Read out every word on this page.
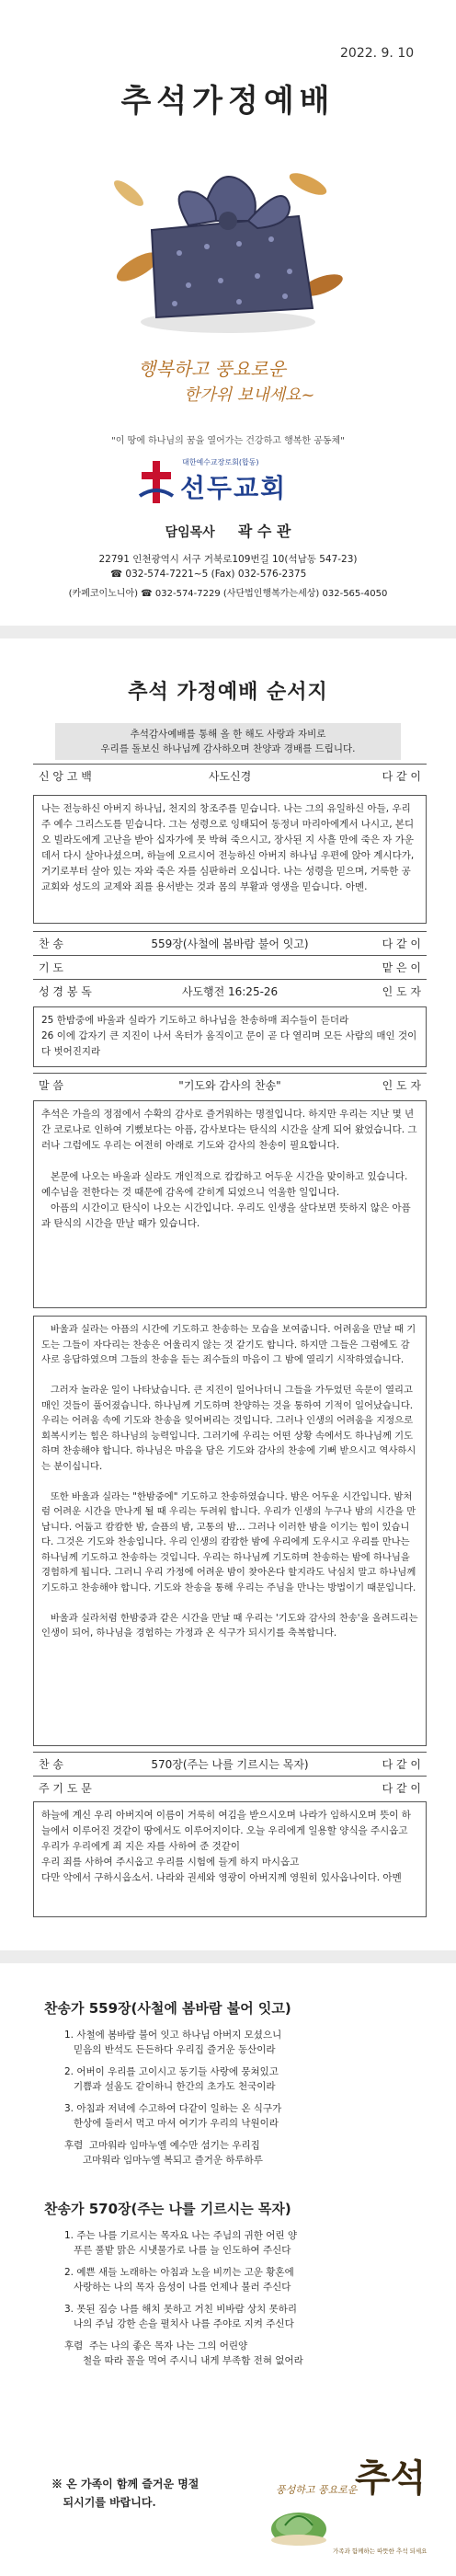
2022. 9. 10
추석가정예배
행복하고 풍요로운
한가위 보내세요~
"이 땅에 하나님의 꿈을 열어가는 건강하고 행복한 공동체"
대한예수교장로회(합동)
선두교회
담임목사 곽 수 관
22791 인천광역시 서구 거북로109번길 10(석남동 547-23)
☎ 032-574-7221~5 (Fax) 032-576-2375
(카페코이노니아) ☎ 032-574-7229 (사단법인행복가는세상) 032-565-4050
추석 가정예배 순서지
추석감사예배를 통해 올 한 해도 사랑과 자비로
우리를 돌보신 하나님께 감사하오며 찬양과 경배를 드립니다.
신 앙 고 백	사도신경	다 같 이
나는 전능하신 아버지 하나님, 천지의 창조주를 믿습니다. 나는 그의 유일하신 아들, 우리 주 예수 그리스도를 믿습니다. 그는 성령으로 잉태되어 동정녀 마리아에게서 나시고, 본디오 빌라도에게 고난을 받아 십자가에 못 박혀 죽으시고, 장사된 지 사흘 만에 죽은 자 가운데서 다시 살아나셨으며, 하늘에 오르시어 전능하신 아버지 하나님 우편에 앉아 계시다가, 거기로부터 살아 있는 자와 죽은 자를 심판하러 오십니다. 나는 성령을 믿으며, 거룩한 공교회와 성도의 교제와 죄를 용서받는 것과 몸의 부활과 영생을 믿습니다. 아멘.
찬 송	559장(사철에 봄바람 불어 잇고)	다 같 이
기 도	맡 은 이
성 경 봉 독	사도행전 16:25-26	인 도 자
25 한밤중에 바울과 실라가 기도하고 하나님을 찬송하매 죄수들이 듣더라
26 이에 갑자기 큰 지진이 나서 옥터가 움직이고 문이 곧 다 열리며 모든 사람의 매인 것이 다 벗어진지라
말 씀	"기도와 감사의 찬송"	인 도 자
추석은 가을의 정점에서 수확의 감사로 즐거워하는 명절입니다. 하지만 우리는 지난 몇 년 간 코로나로 인하여 기뻤보다는 아픔, 감사보다는 탄식의 시간을 살게 되어 왔었습니다. 그러나 그럼에도 우리는 여전히 아래로 기도와 감사의 찬송이 필요합니다.

본문에 나오는 바울과 실라도 개인적으로 캄캄하고 어두운 시간을 맞이하고 있습니다. 예수님을 전한다는 것 때문에 감옥에 갇히게 되었으니 억울한 일입니다.
아픔의 시간이고 탄식이 나오는 시간입니다. 우리도 인생을 살다보면 뜻하지 않은 아픔과 탄식의 시간을 만날 때가 있습니다.
바울과 실라는 아픔의 시간에 기도하고 찬송하는 모습을 보여줍니다. 어려움을 만날 때 기도는 그들이 자다리는 찬송은 어울리지 않는 것 같기도 합니다. 하지만 그들은 그럼에도 감사로 응답하였으며 그들의 찬송을 듣는 죄수들의 마음이 그 밤에 열리기 시작하였습니다.

그러자 놀라운 일이 나타났습니다. 큰 지진이 일어나더니 그들을 가두었던 옥문이 열리고 매인 것들이 풀어졌습니다. 하나님께 기도하며 찬양하는 것을 통하여 기적이 일어났습니다. 우리는 어려움 속에 기도와 찬송을 잊어버리는 것입니다. 그러나 인생의 어려움을 지정으로 회복시키는 힘은 하나님의 능력입니다. 그러기에 우리는 어떤 상황 속에서도 하나님께 기도하며 찬송해야 합니다. 하나님은 마음을 담은 기도와 감사의 찬송에 기뻐 받으시고 역사하시는 분이십니다.

또한 바울과 실라는 "한밤중에" 기도하고 찬송하였습니다. 밤은 어두운 시간입니다. 밤처럼 어려운 시간을 만나게 될 때 우리는 두려워 합니다. 우리가 인생의 누구나 밤의 시간을 만납니다. 어둡고 캄캄한 밤, 슬픔의 밤, 고통의 밤... 그러나 이러한 밤을 이기는 힘이 있습니다. 그것은 기도와 찬송입니다. 우리 인생의 캄캄한 밤에 우리에게 도우시고 우리를 만나는 하나님께 기도하고 찬송하는 것입니다. 우리는 하나님께 기도하며 찬송하는 밤에 하나님을 경험하게 됩니다. 그러니 우리 가정에 어려운 밤이 찾아온다 할지라도 낙심치 말고 하나님께 기도하고 찬송해야 합니다. 기도와 찬송을 통해 우리는 주님을 만나는 방법이기 때문입니다.

바울과 실라처럼 한밤중과 같은 시간을 만날 때 우리는 '기도와 감사의 찬송'을 올려드리는 인생이 되어, 하나님을 경험하는 가정과 온 식구가 되시기를 축복합니다.
찬 송	570장(주는 나를 기르시는 목자)	다 같 이
주 기 도 문	다 같 이
하늘에 계신 우리 아버지여 이름이 거룩히 여김을 받으시오며 나라가 임하시오며 뜻이 하늘에서 이루어진 것같이 땅에서도 이루어지이다. 오늘 우리에게 일용할 양식을 주시옵고 우리가 우리에게 죄 지은 자를 사하여 준 것같이
우리 죄를 사하여 주시옵고 우리를 시험에 들게 하지 마시옵고
다만 악에서 구하시옵소서. 나라와 권세와 영광이 아버지께 영원히 있사옵나이다. 아멘
찬송가 559장(사철에 봄바람 불어 잇고)
1. 사철에 봄바람 불어 잇고 하나님 아버지 모셨으니
믿음의 반석도 든든하다 우리집 즐거운 동산이라
2. 어버이 우리를 고이시고 동기들 사랑에 뭉쳐있고
기쁨과 설움도 같이하니 한간의 초가도 천국이라
3. 아침과 저녁에 수고하여 다같이 일하는 온 식구가
한상에 둘러서 먹고 마셔 여기가 우리의 낙원이라
후렴  고마워라 임마누엘 예수만 섬기는 우리집
고마워라 임마누엘 복되고 즐거운 하루하루
찬송가 570장(주는 나를 기르시는 목자)
1. 주는 나를 기르시는 목자요 나는 주님의 귀한 어린 양
푸른 풀밭 맑은 시냇물가로 나를 늘 인도하여 주신다
2. 예쁜 새들 노래하는 아침과 노을 비끼는 고운 황혼에
사랑하는 나의 목자 음성이 나를 언제나 불러 주신다
3. 못된 짐승 나를 해치 못하고 거친 비바람 상치 못하리
나의 주님 강한 손을 펼치사 나를 주야로 지켜 주신다
후렴  주는 나의 좋은 목자 나는 그의 어린양
철을 따라 꼴을 먹여 주시니 내게 부족함 전혀 없어라
※ 온 가족이 함께 즐거운 명절
되시기를 바랍니다.
풍성하고 풍요로운
추석
가족과 함께하는 따뜻한 추석 되세요
